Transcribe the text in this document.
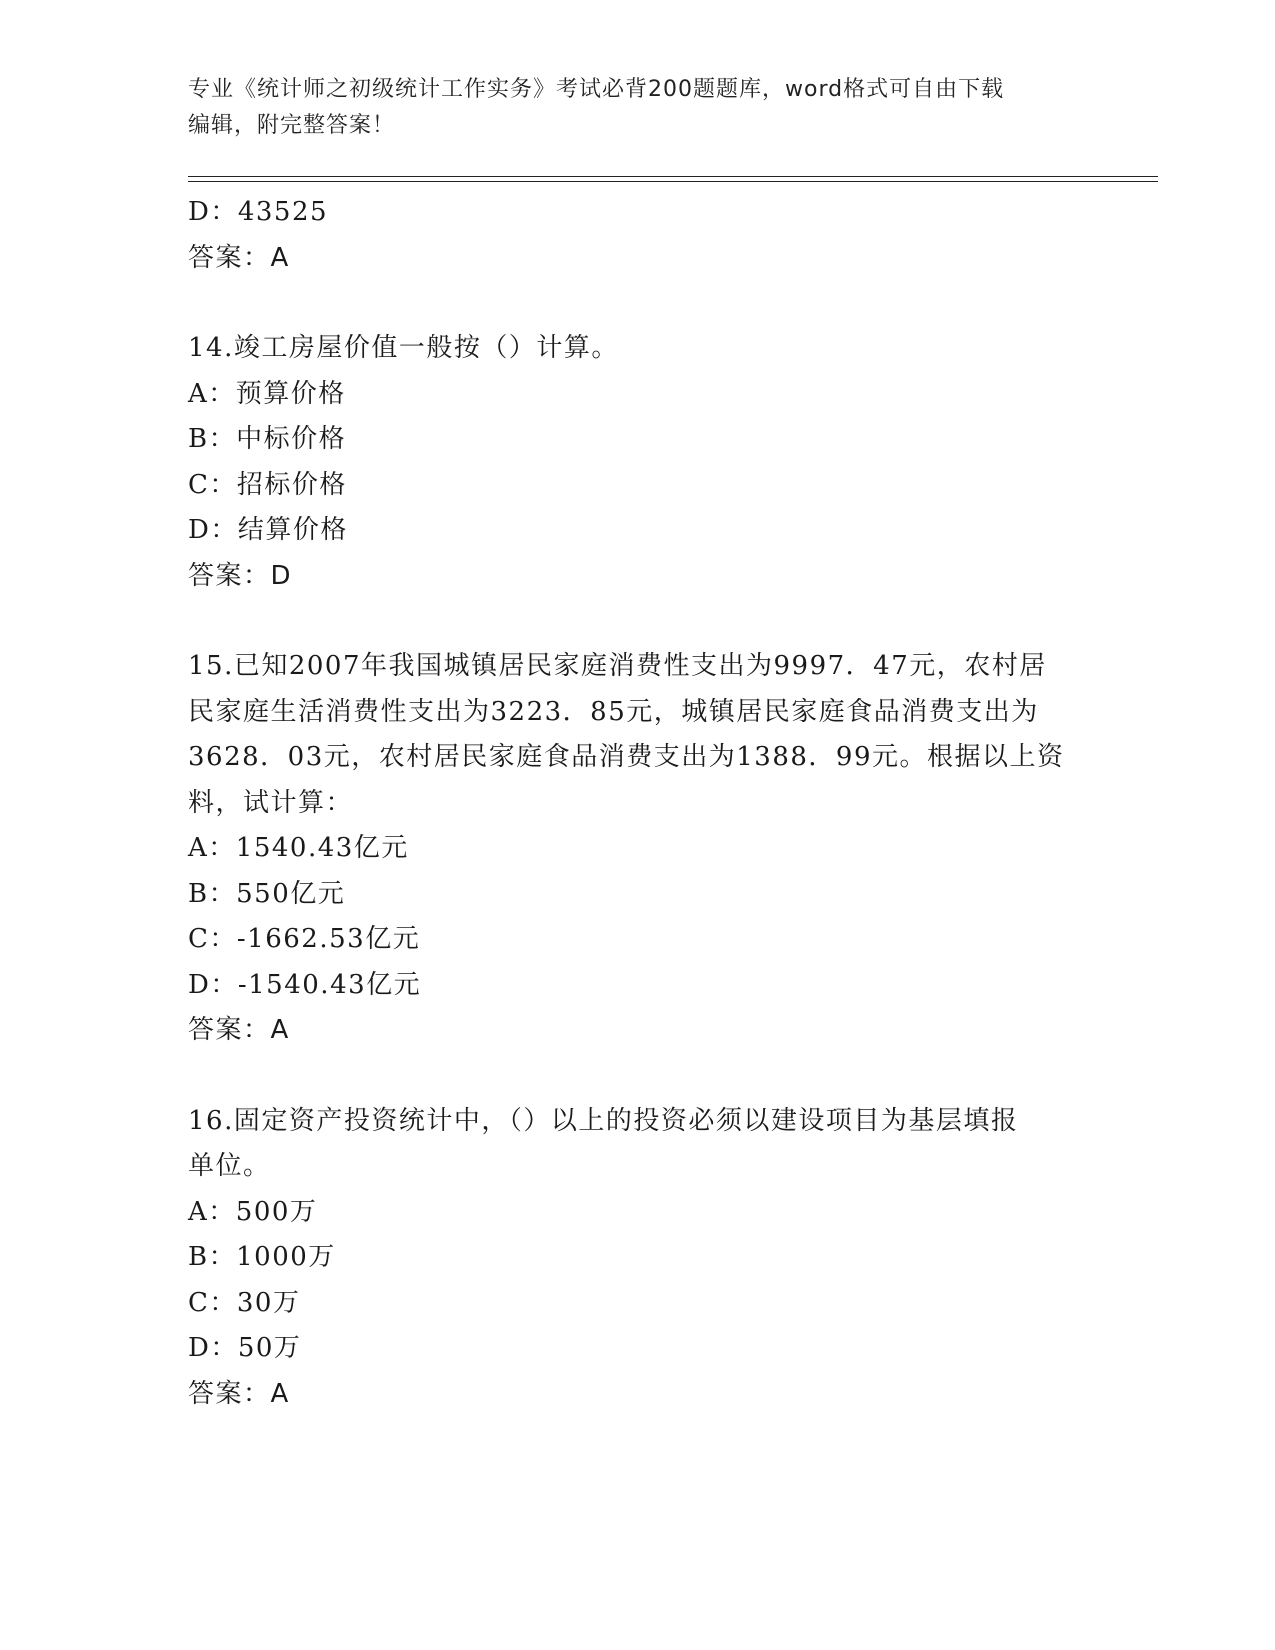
专业《统计师之初级统计工作实务》考试必背200题题库，word格式可自由下载
编辑，附完整答案！
D：43525
答案：A
14.竣工房屋价值一般按（）计算。
A：预算价格
B：中标价格
C：招标价格
D：结算价格
答案：D
15.已知2007年我国城镇居民家庭消费性支出为9997．47元，农村居
民家庭生活消费性支出为3223．85元，城镇居民家庭食品消费支出为
3628．03元，农村居民家庭食品消费支出为1388．99元。根据以上资
料，试计算：
A：1540.43亿元
B：550亿元
C：-1662.53亿元
D：-1540.43亿元
答案：A
16.固定资产投资统计中，（）以上的投资必须以建设项目为基层填报
单位。
A：500万
B：1000万
C：30万
D：50万
答案：A
